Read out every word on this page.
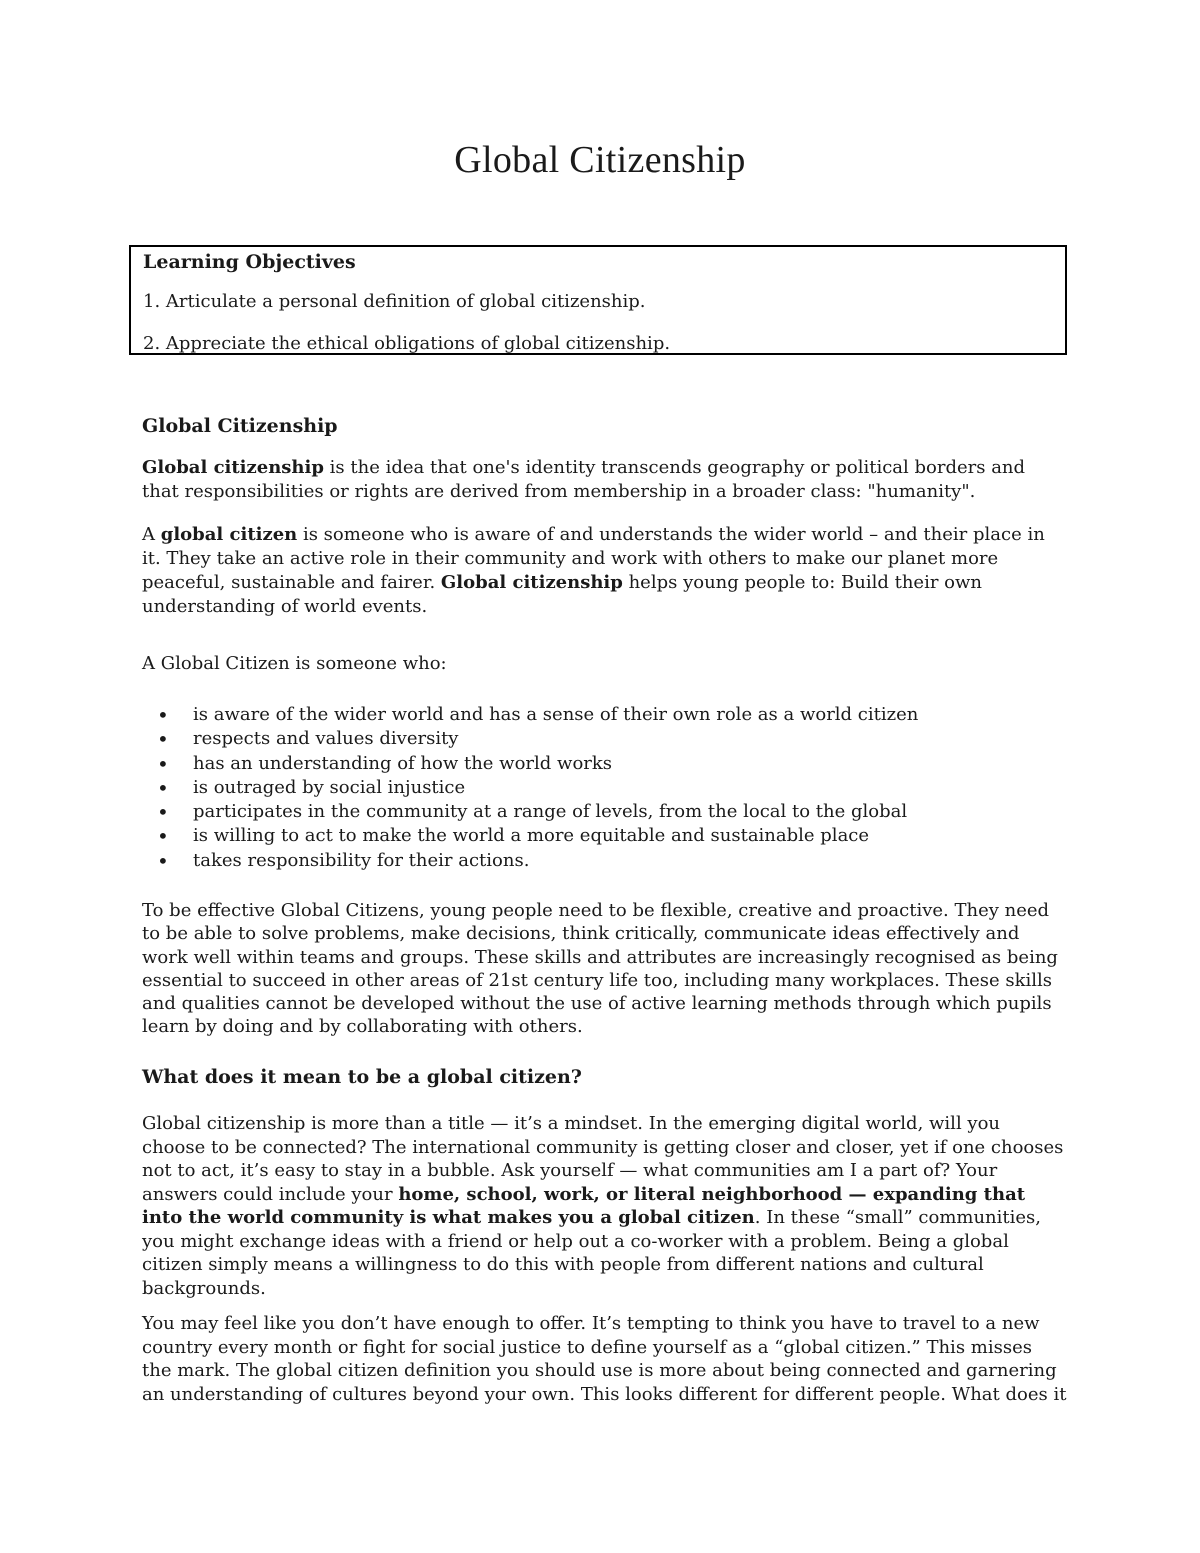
Global Citizenship
Learning Objectives
1. Articulate a personal definition of global citizenship.
2. Appreciate the ethical obligations of global citizenship.
Global Citizenship

Global citizenship is the idea that one's identity transcends geography or political borders and that responsibilities or rights are derived from membership in a broader class: "humanity".

A global citizen is someone who is aware of and understands the wider world – and their place in it. They take an active role in their community and work with others to make our planet more peaceful, sustainable and fairer. Global citizenship helps young people to: Build their own understanding of world events.

A Global Citizen is someone who:
• is aware of the wider world and has a sense of their own role as a world citizen
• respects and values diversity
• has an understanding of how the world works
• is outraged by social injustice
• participates in the community at a range of levels, from the local to the global
• is willing to act to make the world a more equitable and sustainable place
• takes responsibility for their actions.
To be effective Global Citizens, young people need to be flexible, creative and proactive. They need to be able to solve problems, make decisions, think critically, communicate ideas effectively and work well within teams and groups. These skills and attributes are increasingly recognised as being essential to succeed in other areas of 21st century life too, including many workplaces. These skills and qualities cannot be developed without the use of active learning methods through which pupils learn by doing and by collaborating with others.
What does it mean to be a global citizen?

Global citizenship is more than a title — it’s a mindset. In the emerging digital world, will you choose to be connected? The international community is getting closer and closer, yet if one chooses not to act, it’s easy to stay in a bubble. Ask yourself — what communities am I a part of? Your answers could include your home, school, work, or literal neighborhood — expanding that into the world community is what makes you a global citizen. In these “small” communities, you might exchange ideas with a friend or help out a co-worker with a problem. Being a global citizen simply means a willingness to do this with people from different nations and cultural backgrounds.

You may feel like you don’t have enough to offer. It’s tempting to think you have to travel to a new country every month or fight for social justice to define yourself as a “global citizen.” This misses the mark. The global citizen definition you should use is more about being connected and garnering an understanding of cultures beyond your own. This looks different for different people. What does it
